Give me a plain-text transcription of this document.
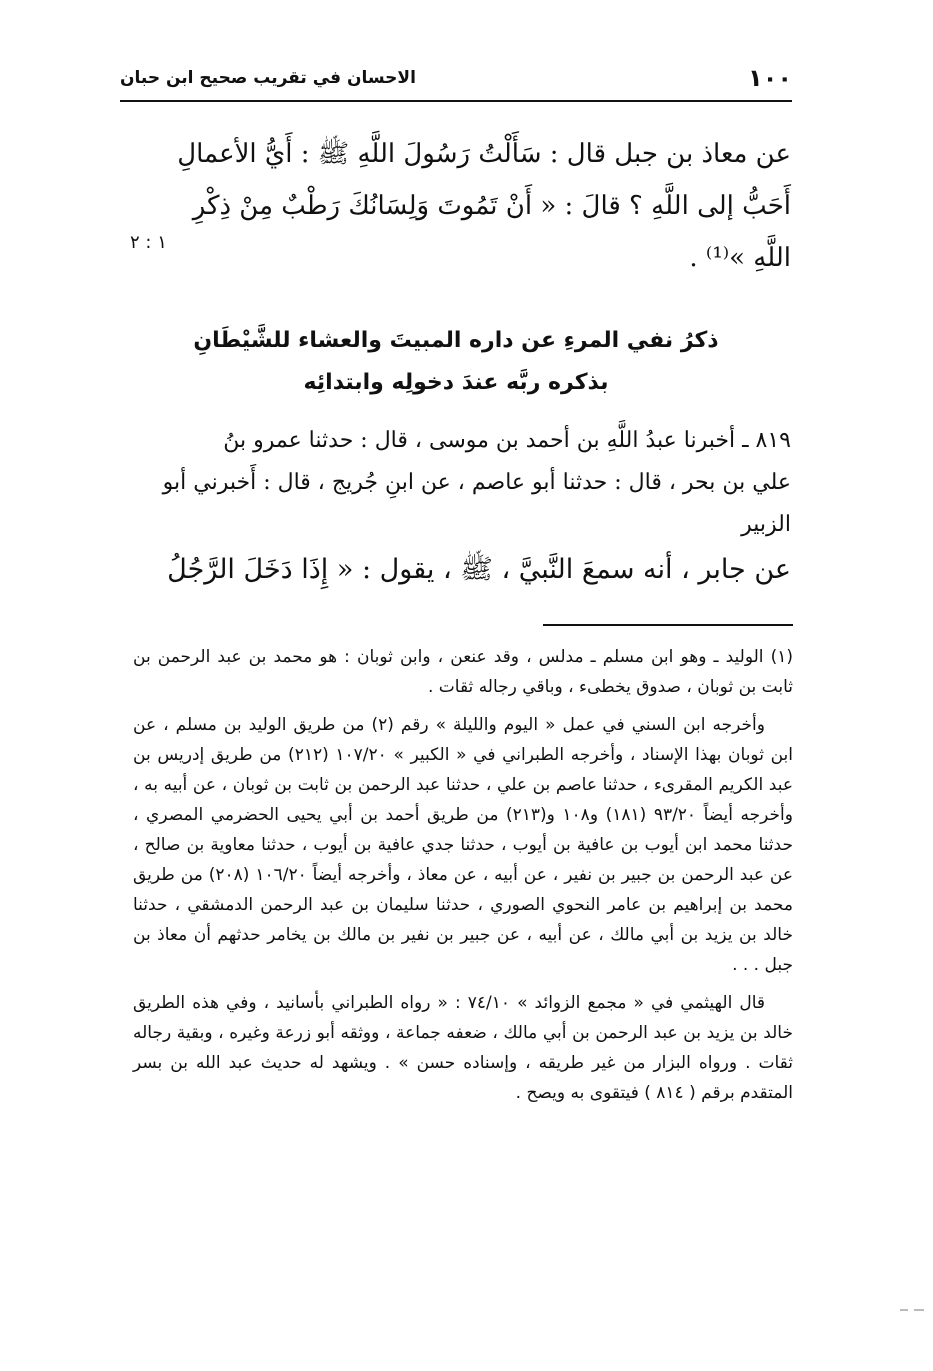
١٠٠
الاحسان في تقريب صحيح ابن حبان

عن معاذ بن جبل قال : سَأَلْتُ رَسُولَ اللَّهِ ﷺ : أَيُّ الأعمالِ

أَحَبُّ إلى اللَّهِ ؟ قالَ : « أَنْ تَمُوتَ وَلِسَانُكَ رَطْبٌ مِنْ ذِكْرِ

اللَّهِ »⁽¹⁾ .

١ : ٢
ذكرُ نفي المرءِ عن داره المبيتَ والعشاء للشَّيْطَانِ
بذكره ربَّه عندَ دخولِه وابتدائِه

٨١٩ ـ أخبرنا عبدُ اللَّهِ بن أحمد بن موسى ، قال : حدثنا عمرو بنُ

علي بن بحر ، قال : حدثنا أبو عاصم ، عن ابنِ جُريج ، قال : أَخبرني أبو

الزبير

عن جابر ، أنه سمعَ النَّبيَّ ، ﷺ ، يقول : « إِذَا دَخَلَ الرَّجُلُ

(١) الوليد ـ وهو ابن مسلم ـ مدلس ، وقد عنعن ، وابن ثوبان : هو محمد بن عبد الرحمن بن ثابت بن ثوبان ، صدوق يخطىء ، وباقي رجاله ثقات .

وأخرجه ابن السني في عمل « اليوم والليلة » رقم (٢) من طريق الوليد بن مسلم ، عن ابن ثوبان بهذا الإسناد ، وأخرجه الطبراني في « الكبير » ١٠٧/٢٠ (٢١٢) من طريق إدريس بن عبد الكريم المقرىء ، حدثنا عاصم بن علي ، حدثنا عبد الرحمن بن ثابت بن ثوبان ، عن أبيه به ، وأخرجه أيضاً ٩٣/٢٠ (١٨١) و١٠٨ و(٢١٣) من طريق أحمد بن أبي يحيى الحضرمي المصري ، حدثنا محمد ابن أيوب بن عافية بن أيوب ، حدثنا جدي عافية بن أيوب ، حدثنا معاوية بن صالح ، عن عبد الرحمن بن جبير بن نفير ، عن أبيه ، عن معاذ ، وأخرجه أيضاً ١٠٦/٢٠ (٢٠٨) من طريق محمد بن إبراهيم بن عامر النحوي الصوري ، حدثنا سليمان بن عبد الرحمن الدمشقي ، حدثنا خالد بن يزيد بن أبي مالك ، عن أبيه ، عن جبير بن نفير بن مالك بن يخامر حدثهم أن معاذ بن جبل . . .

قال الهيثمي في « مجمع الزوائد » ٧٤/١٠ : « رواه الطبراني بأسانيد ، وفي هذه الطريق خالد بن يزيد بن عبد الرحمن بن أبي مالك ، ضعفه جماعة ، ووثقه أبو زرعة وغيره ، وبقية رجاله ثقات . ورواه البزار من غير طريقه ، وإسناده حسن » . ويشهد له حديث عبد الله بن بسر المتقدم برقم ( ٨١٤ ) فيتقوى به ويصح .
